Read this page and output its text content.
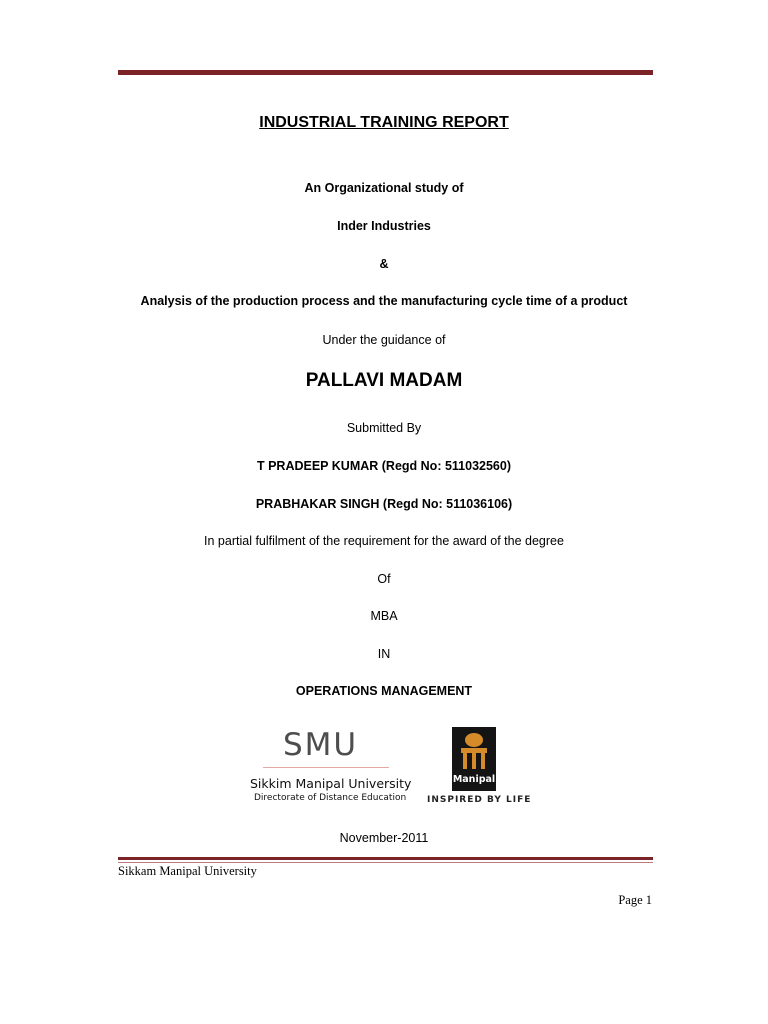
INDUSTRIAL TRAINING REPORT
An Organizational study of
Inder Industries
&
Analysis of the production process and the manufacturing cycle time of a product
Under the guidance of
PALLAVI MADAM
Submitted By
T PRADEEP KUMAR (Regd No: 511032560)
PRABHAKAR SINGH (Regd No: 511036106)
In partial fulfilment of the requirement for the award of the degree
Of
MBA
IN
OPERATIONS MANAGEMENT
SMU
Sikkim Manipal University
Directorate of Distance Education
Manipal
INSPIRED BY LIFE
November-2011
Sikkam Manipal University
Page 1
